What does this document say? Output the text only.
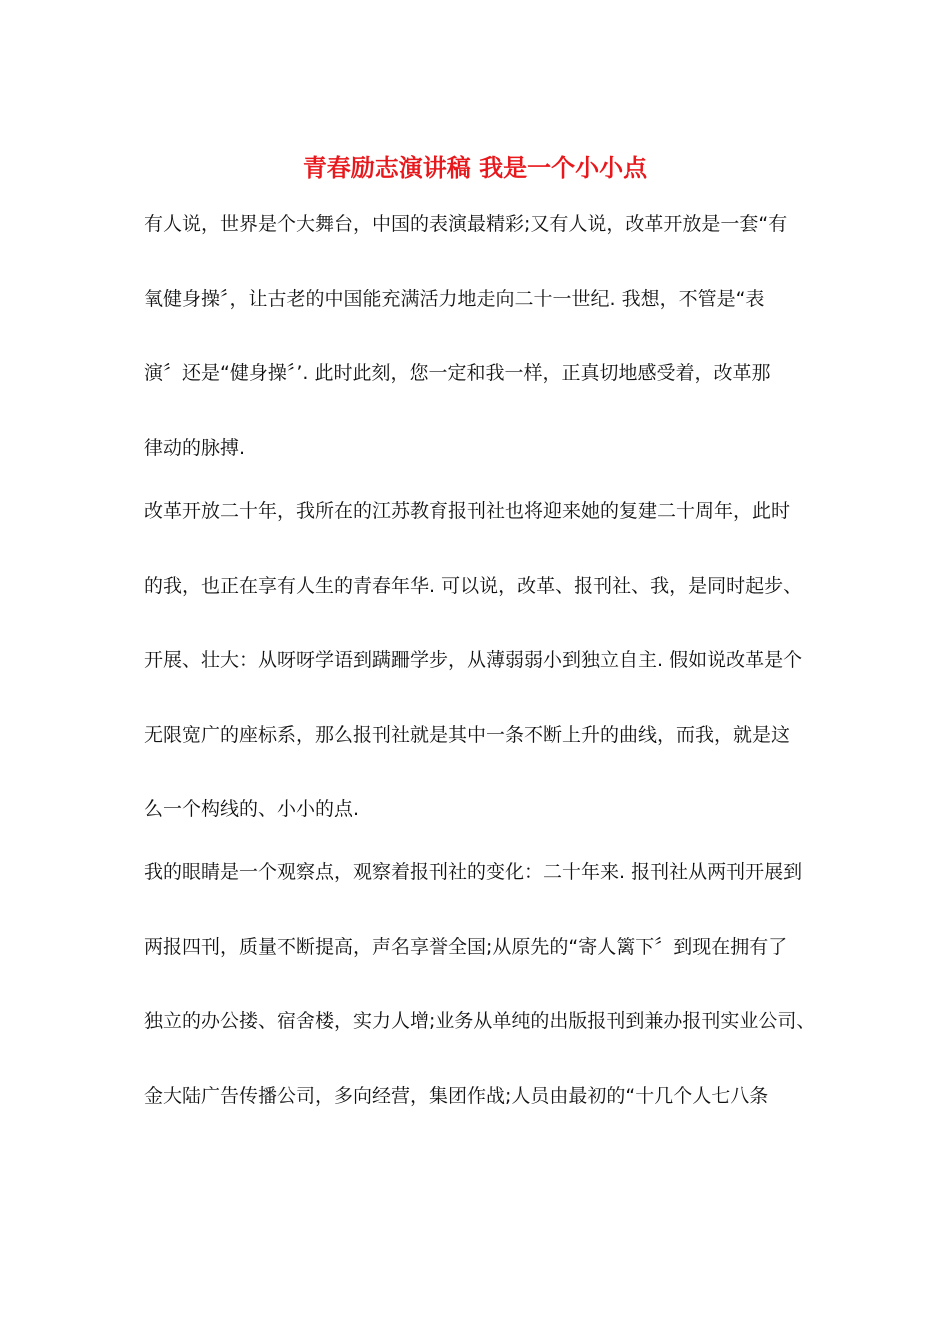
青春励志演讲稿 我是一个小小点
有人说，世界是个大舞台，中国的表演最精彩;又有人说，改革开放是一套“有
氧健身操〞，让古老的中国能充满活力地走向二十一世纪. 我想，不管是“表
演〞还是“健身操〞’. 此时此刻，您一定和我一样，正真切地感受着，改革那
律动的脉搏.
改革开放二十年，我所在的江苏教育报刊社也将迎来她的复建二十周年，此时
的我，也正在享有人生的青春年华. 可以说，改革、报刊社、我，是同时起步、
开展、壮大：从呀呀学语到蹒跚学步，从薄弱弱小到独立自主. 假如说改革是个
无限宽广的座标系，那么报刊社就是其中一条不断上升的曲线，而我，就是这
么一个构线的、小小的点.
我的眼睛是一个观察点，观察着报刊社的变化：二十年来. 报刊社从两刊开展到
两报四刊，质量不断提高，声名享誉全国;从原先的“寄人篱下〞到现在拥有了
独立的办公搂、宿舍楼，实力人增;业务从单纯的出版报刊到兼办报刊实业公司、
金大陆广告传播公司，多向经营，集团作战;人员由最初的“十几个人七八条
